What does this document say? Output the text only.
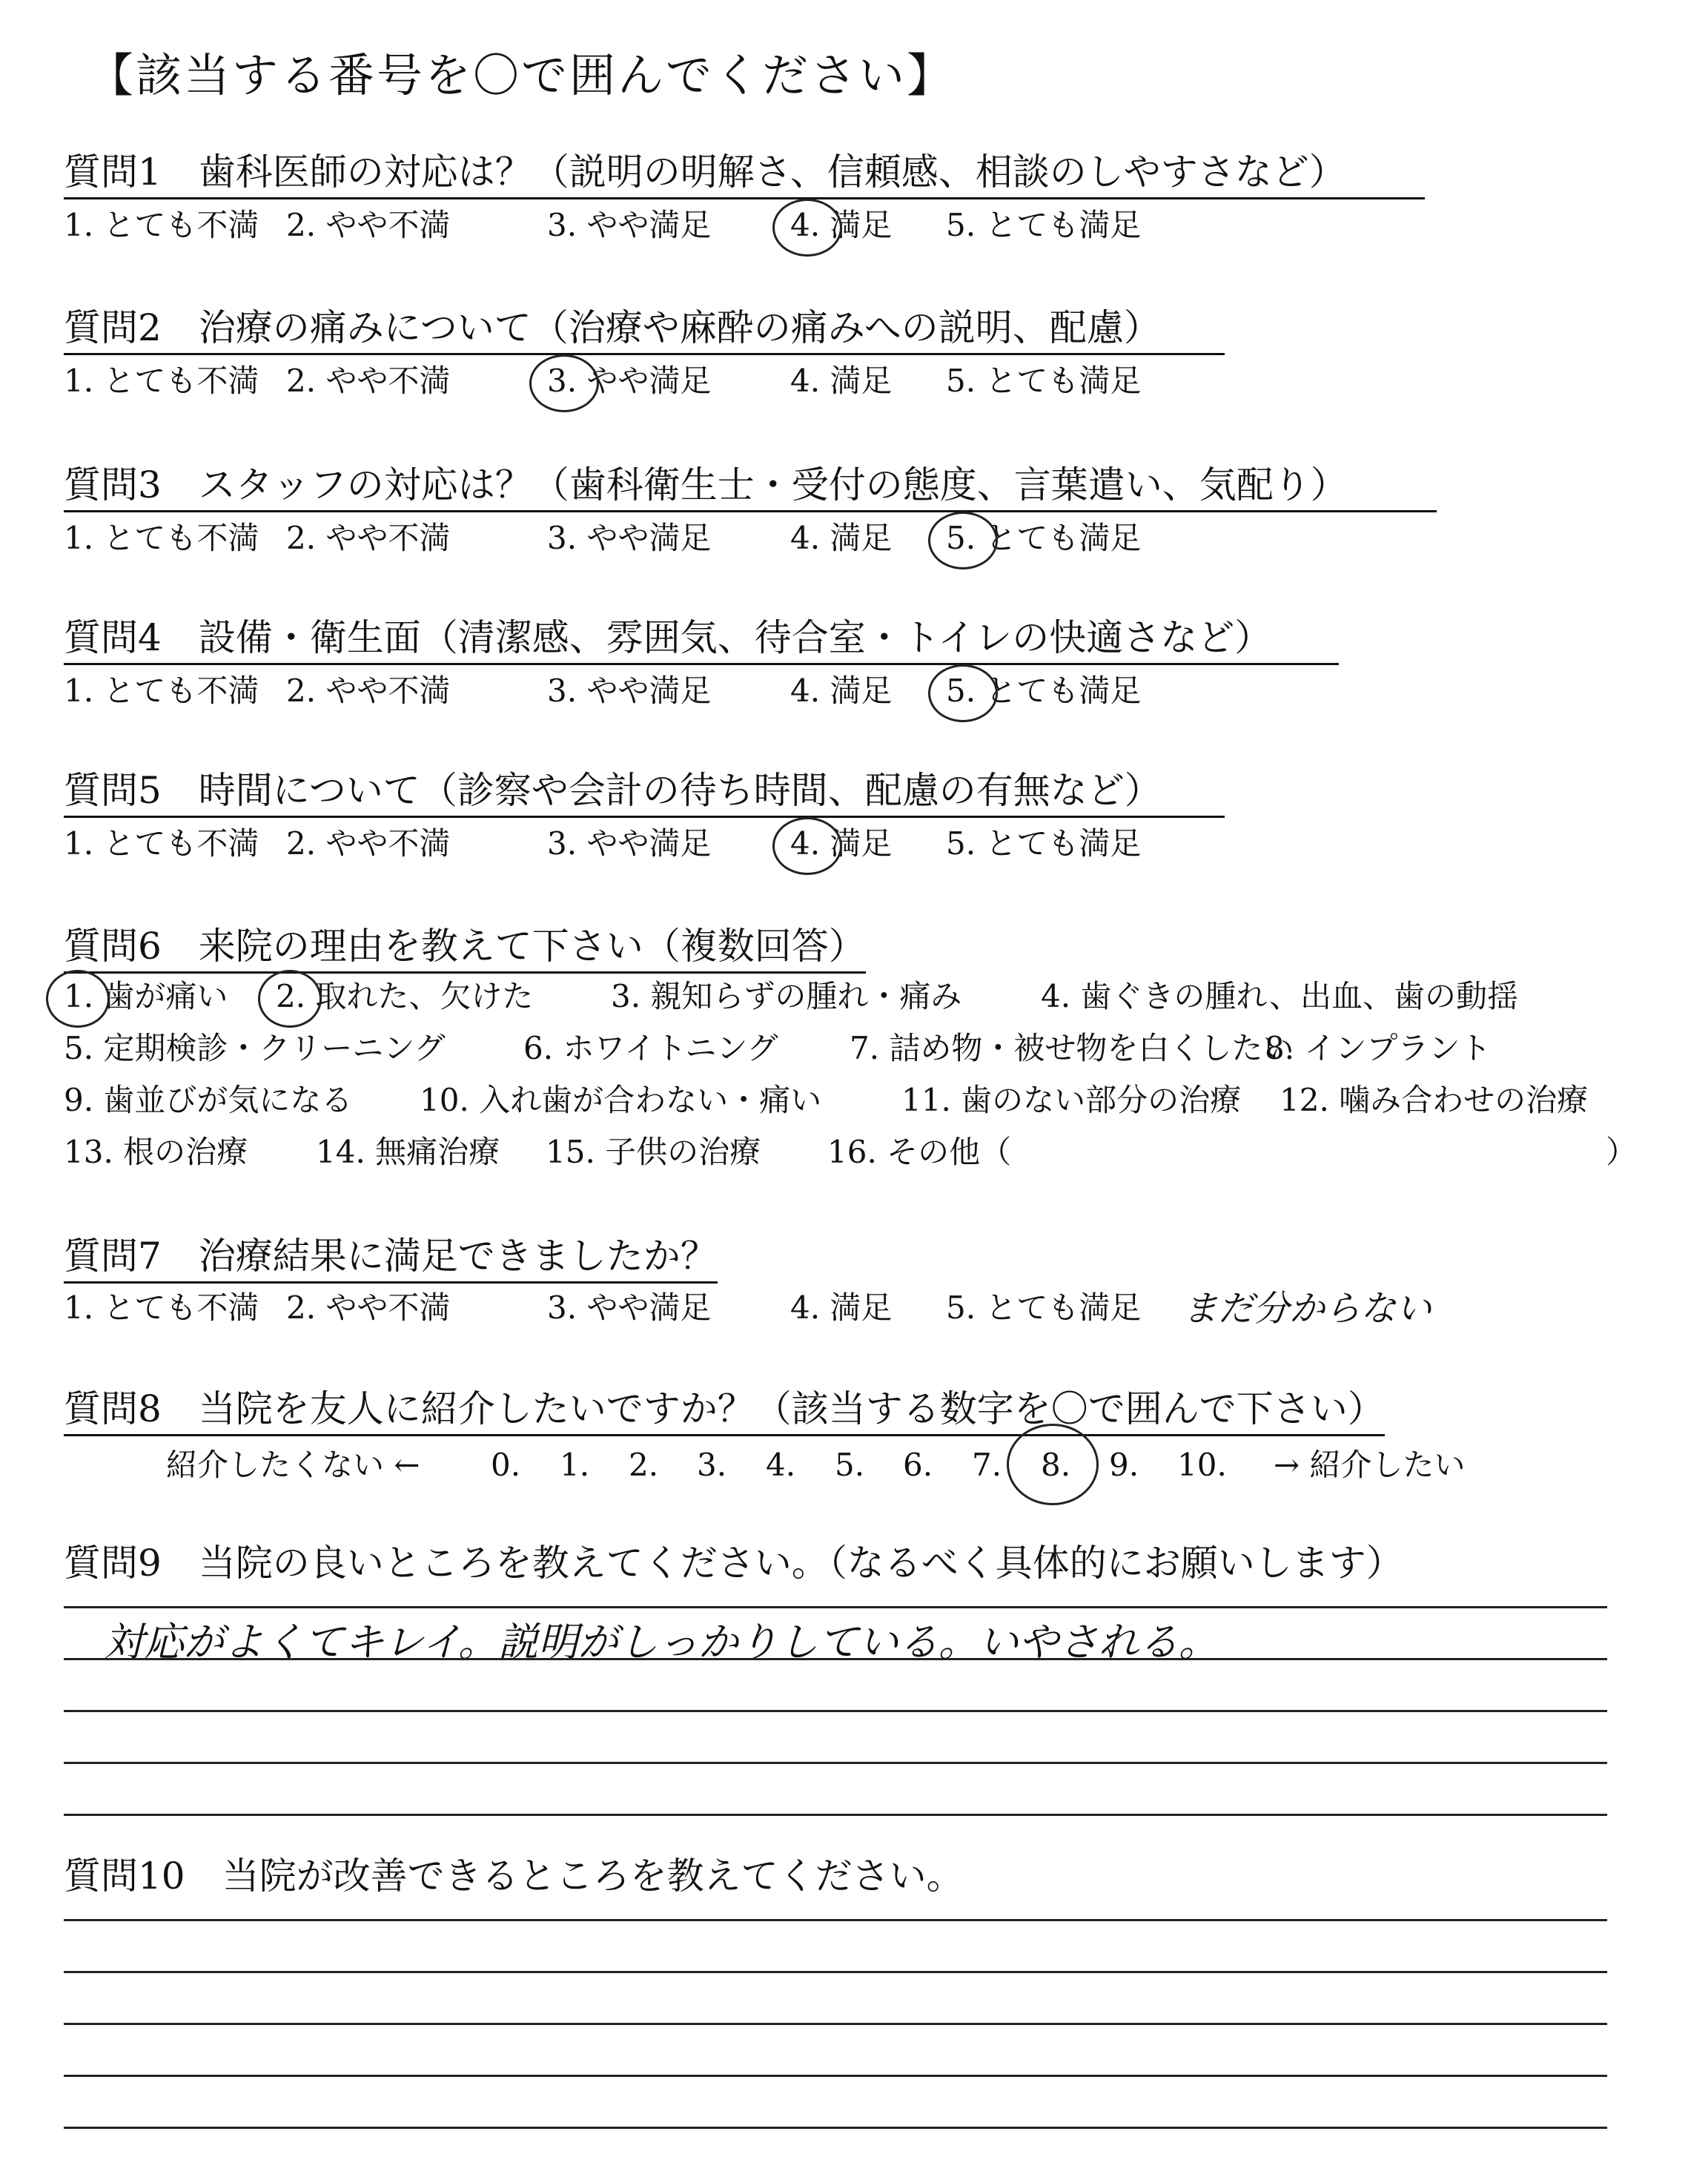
【該当する番号を〇で囲んでください】
質問1　歯科医師の対応は？（説明の明解さ、信頼感、相談のしやすさなど）
1. とても不満 2. やや不満	3. やや満足	4. 満足 5. とても満足
質問2　治療の痛みについて（治療や麻酔の痛みへの説明、配慮）
1. とても不満 2. やや不満	3. やや満足	4. 満足 5. とても満足
質問3　スタッフの対応は？（歯科衛生士・受付の態度、言葉遣い、気配り）
1. とても不満 2. やや不満	3. やや満足	4. 満足 5. とても満足
質問4　設備・衛生面（清潔感、雰囲気、待合室・トイレの快適さなど）
1. とても不満 2. やや不満	3. やや満足	4. 満足 5. とても満足
質問5　時間について（診察や会計の待ち時間、配慮の有無など）
1. とても不満 2. やや不満	3. やや満足	4. 満足 5. とても満足
質問6　来院の理由を教えて下さい（複数回答）
1. 歯が痛い 2. 取れた、欠けた 3. 親知らずの腫れ・痛み	4. 歯ぐきの腫れ、出血、歯の動揺
5. 定期検診・クリーニング	6. ホワイトニング 7. 詰め物・被せ物を白くしたい
8. インプラント
9. 歯並びが気になる 10. 入れ歯が合わない・痛い	11. 歯のない部分の治療 12. 噛み合わせの治療
13. 根の治療 14. 無痛治療 15. 子供の治療 16. その他（	）
質問7　治療結果に満足できましたか？
1. とても不満 2. やや不満	3. やや満足	4. 満足 5. とても満足 まだ分からない
質問8　当院を友人に紹介したいですか？（該当する数字を〇で囲んで下さい）
紹介したくない ←	→ 紹介したい
0. 1. 2. 3. 4. 5. 6. 7. 8. 9. 10.
質問9　当院の良いところを教えてください。（なるべく具体的にお願いします）
対応がよくてキレイ。説明がしっかりしている。いやされる。
質問10　当院が改善できるところを教えてください。
